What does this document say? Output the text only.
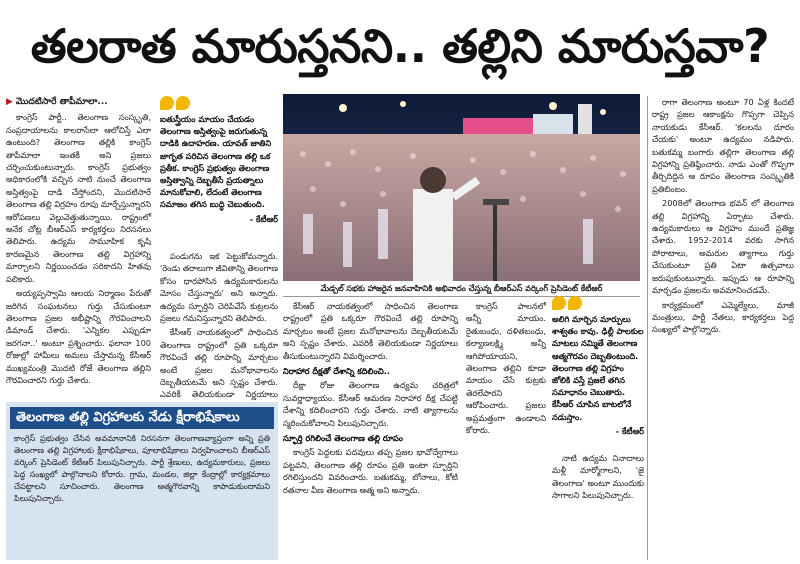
తలరాత మారుస్తనని.. తల్లిని మారుస్తవా?
▶ మొదటిసారే తాపీమాలా...

కాంగ్రెస్ పార్టీ.. తెలంగాణ సంస్కృతి, సంప్రదాయాలను కాలరాసేలా ఆలోచిస్తే ఎలా ఉంటుంది? తెలంగాణ తల్లికి కాంగ్రెస్ తాపీమాలా ఇంతకీ అని ప్రజలు చర్చించుకుంటున్నారు. కాంగ్రెస్ ప్రభుత్వం అధికారంలోకి వచ్చిన నాటి నుంచే తెలంగాణ అస్తిత్వంపై దాడి చేస్తోందని, మొదటిసారే తెలంగాణ తల్లి విగ్రహం రూపు మార్చేస్తున్నారని ఆరోపణలు వెల్లువెత్తుతున్నాయి. రాష్ట్రంలో అనేక చోట్ల బీఆర్ఎస్ కార్యకర్తలు నిరసనలు తెలిపారు. ఉద్యమ సామూహిక కృషి కారణమైన తెలంగాణ తల్లి విగ్రహాన్ని మార్చాలని నిర్ణయించడం సరికాదని హితవు పలికారు.

అయ్యప్పస్వామి ఆలయ నిర్మాణం పేరుతో జరిగిన సంఘటనలు గుర్తు చేసుకుంటూ తెలంగాణ ప్రజల అభీష్టాన్ని గౌరవించాలని డిమాండ్ చేశారు. 'ఎన్నికల ఎప్పుడూ జరగనా..' అంటూ ప్రశ్నించారు. ఫలానా 100 రోజుల్లో హామీలు అమలు చేస్తామన్న కేసీఆర్ ముఖ్యమంత్రి మొదటి రోజే తెలంగాణ తల్లిని గౌరవించారని గుర్తు చేశారు.

ఐతుస్త్రీయం మాయం చేయడం తెలంగాణ అస్తిత్వంపై జరుగుతున్న దాడికి ఉదాహరణ. యావత్ జాతిని జాగృత పరిచిన తెలంగాణ తల్లి ఒక ప్రతీక. కాంగ్రెస్ ప్రభుత్వం తెలంగాణ అస్తిత్వాన్ని దెబ్బతీసే ప్రయత్నాలు మానుకోవాలి, లేదంటే తెలంగాణ సమాజం తగిన బుద్ధి చెబుతుంది.
- కేటీఆర్

పండుగను ఇక పెట్టుకోమన్నారు. 'రెండు తరాలుగా జీవితాన్ని తెలంగాణ కోసం ధారపోసిన ఉద్యమకారులను మోసం చేస్తున్నారు' అని అన్నారు. ఉద్యమ స్ఫూర్తిని చెరిపివేసే కుట్రలను ప్రజలు గమనిస్తున్నారని తెలిపారు.

కేసీఆర్ నాయకత్వంలో సాధించిన తెలంగాణ రాష్ట్రంలో ప్రతి ఒక్కరూ గౌరవించే తల్లి రూపాన్ని మార్చటం అంటే ప్రజల మనోభావాలను దెబ్బతీయటమే అని స్పష్టం చేశారు. ఎవరికీ తెలియకుండా నిర్ణయాలు

మేడ్చల్ సభకు హాజరైన జనవాహినికి అభివాదం చేస్తున్న బీఆర్ఎస్ వర్కింగ్ ప్రెసిడెంట్ కేటీఆర్

కేసీఆర్ నాయకత్వంలో సాధించిన తెలంగాణ రాష్ట్రంలో ప్రతి ఒక్కరూ గౌరవించే తల్లి రూపాన్ని మార్చటం అంటే ప్రజల మనోభావాలను దెబ్బతీయటమే అని స్పష్టం చేశారు. ఎవరికీ తెలియకుండా నిర్ణయాలు తీసుకుంటున్నారని విమర్శించారు.

నిరాహార దీక్షతో దేశాన్ని కదిలించి..

దీక్షా రోజు తెలంగాణ ఉద్యమ చరిత్రలో సువర్ణాధ్యాయం. కేసీఆర్ ఆమరణ నిరాహార దీక్ష చేపట్టి దేశాన్ని కదిలించారని గుర్తు చేశారు. నాటి త్యాగాలను స్మరించుకోవాలని పిలుపునిచ్చారు.

స్ఫూర్తి రగిలించే తెలంగాణ తల్లి రూపం

కాంగ్రెస్ పెద్దలకు పదవులు తప్ప ప్రజల భావోద్వేగాలు పట్టవని, తెలంగాణ తల్లి రూపం ప్రతి ఇంటా స్ఫూర్తిని రగిలిస్తుందని వివరించారు. బతుకమ్మ, బోనాలు, కోటి రతనాల వీణ తెలంగాణ ఆత్మ అని అన్నారు.

కాంగ్రెస్ పాలనలో అన్నీ మాయం. రైతుబంధు, దళితబంధు, కల్యాణలక్ష్మి అన్నీ ఆగిపోయాయని, తెలంగాణ తల్లిని కూడా మాయం చేసే కుట్రకు తెరలేపారని ఆరోపించారు. ప్రజలు అప్రమత్తంగా ఉండాలని కోరారు.

అలిగి మార్చిన మార్పులు శాశ్వతం కావు. ఢిల్లీ పాలకుల మాటలు నమ్మితే తెలంగాణ ఆత్మగౌరవం దెబ్బతింటుంది. తెలంగాణ తల్లి విగ్రహం జోలికి వస్తే ప్రజలే తగిన సమాధానం చెబుతారు. కేసీఆర్ చూపిన బాటలోనే నడుస్తాం.
- కేటీఆర్

నాటి ఉద్యమ నినాదాలు మళ్లీ మార్మోగాలని, 'జై తెలంగాణ' అంటూ ముందుకు సాగాలని పిలుపునిచ్చారు.

రాగా తెలంగాణ అంటూ 70 ఏళ్ల కిందటే రాష్ట్ర ప్రజల ఆకాంక్షను గొప్పగా చెప్పిన నాయకుడు కేసీఆర్. 'కలలను దూరం చేయకు' అంటూ ఉద్యమం నడిపారు. బతుకమ్మ బంగారు తల్లిగా తెలంగాణ తల్లి విగ్రహాన్ని ప్రతిష్ఠించారు. నాడు ఎంతో గొప్పగా తీర్చిదిద్దిన ఆ రూపం తెలంగాణ సంస్కృతికి ప్రతిబింబం.

2008లో తెలంగాణ భవన్ లో తెలంగాణ తల్లి విగ్రహాన్ని ఏర్పాటు చేశారు. ఉద్యమకారులు ఆ విగ్రహం ముందే ప్రతిజ్ఞ చేశారు. 1952-2014 వరకు సాగిన పోరాటాలు, అమరుల త్యాగాలు గుర్తు చేసుకుంటూ ప్రతి ఏటా ఉత్సవాలు జరుపుకుంటున్నారు. ఇప్పుడు ఆ రూపాన్ని మార్చడం ప్రజలను అవమానించడమే.

కార్యక్రమంలో ఎమ్మెల్యేలు, మాజీ మంత్రులు, పార్టీ నేతలు, కార్యకర్తలు పెద్ద సంఖ్యలో పాల్గొన్నారు.

తెలంగాణ తల్లి విగ్రహాలకు నేడు క్షీరాభిషేకాలు
కాంగ్రెస్ ప్రభుత్వం చేసిన అవమానానికి నిరసనగా తెలంగాణవ్యాప్తంగా అన్ని ప్రతి తెలంగాణ తల్లి విగ్రహాలకు క్షీరాభిషేకాలు, పూలాభిషేకాలు నిర్వహించాలని బీఆర్ఎస్ వర్కింగ్ ప్రెసిడెంట్ కేటీఆర్ పిలుపునిచ్చారు. పార్టీ శ్రేణులు, ఉద్యమకారులు, ప్రజలు పెద్ద సంఖ్యలో పాల్గొనాలని కోరారు. గ్రామ, మండల, జిల్లా కేంద్రాల్లో కార్యక్రమాలు చేపట్టాలని సూచించారు. తెలంగాణ ఆత్మగౌరవాన్ని కాపాడుకుందామని పిలుపునిచ్చారు.
